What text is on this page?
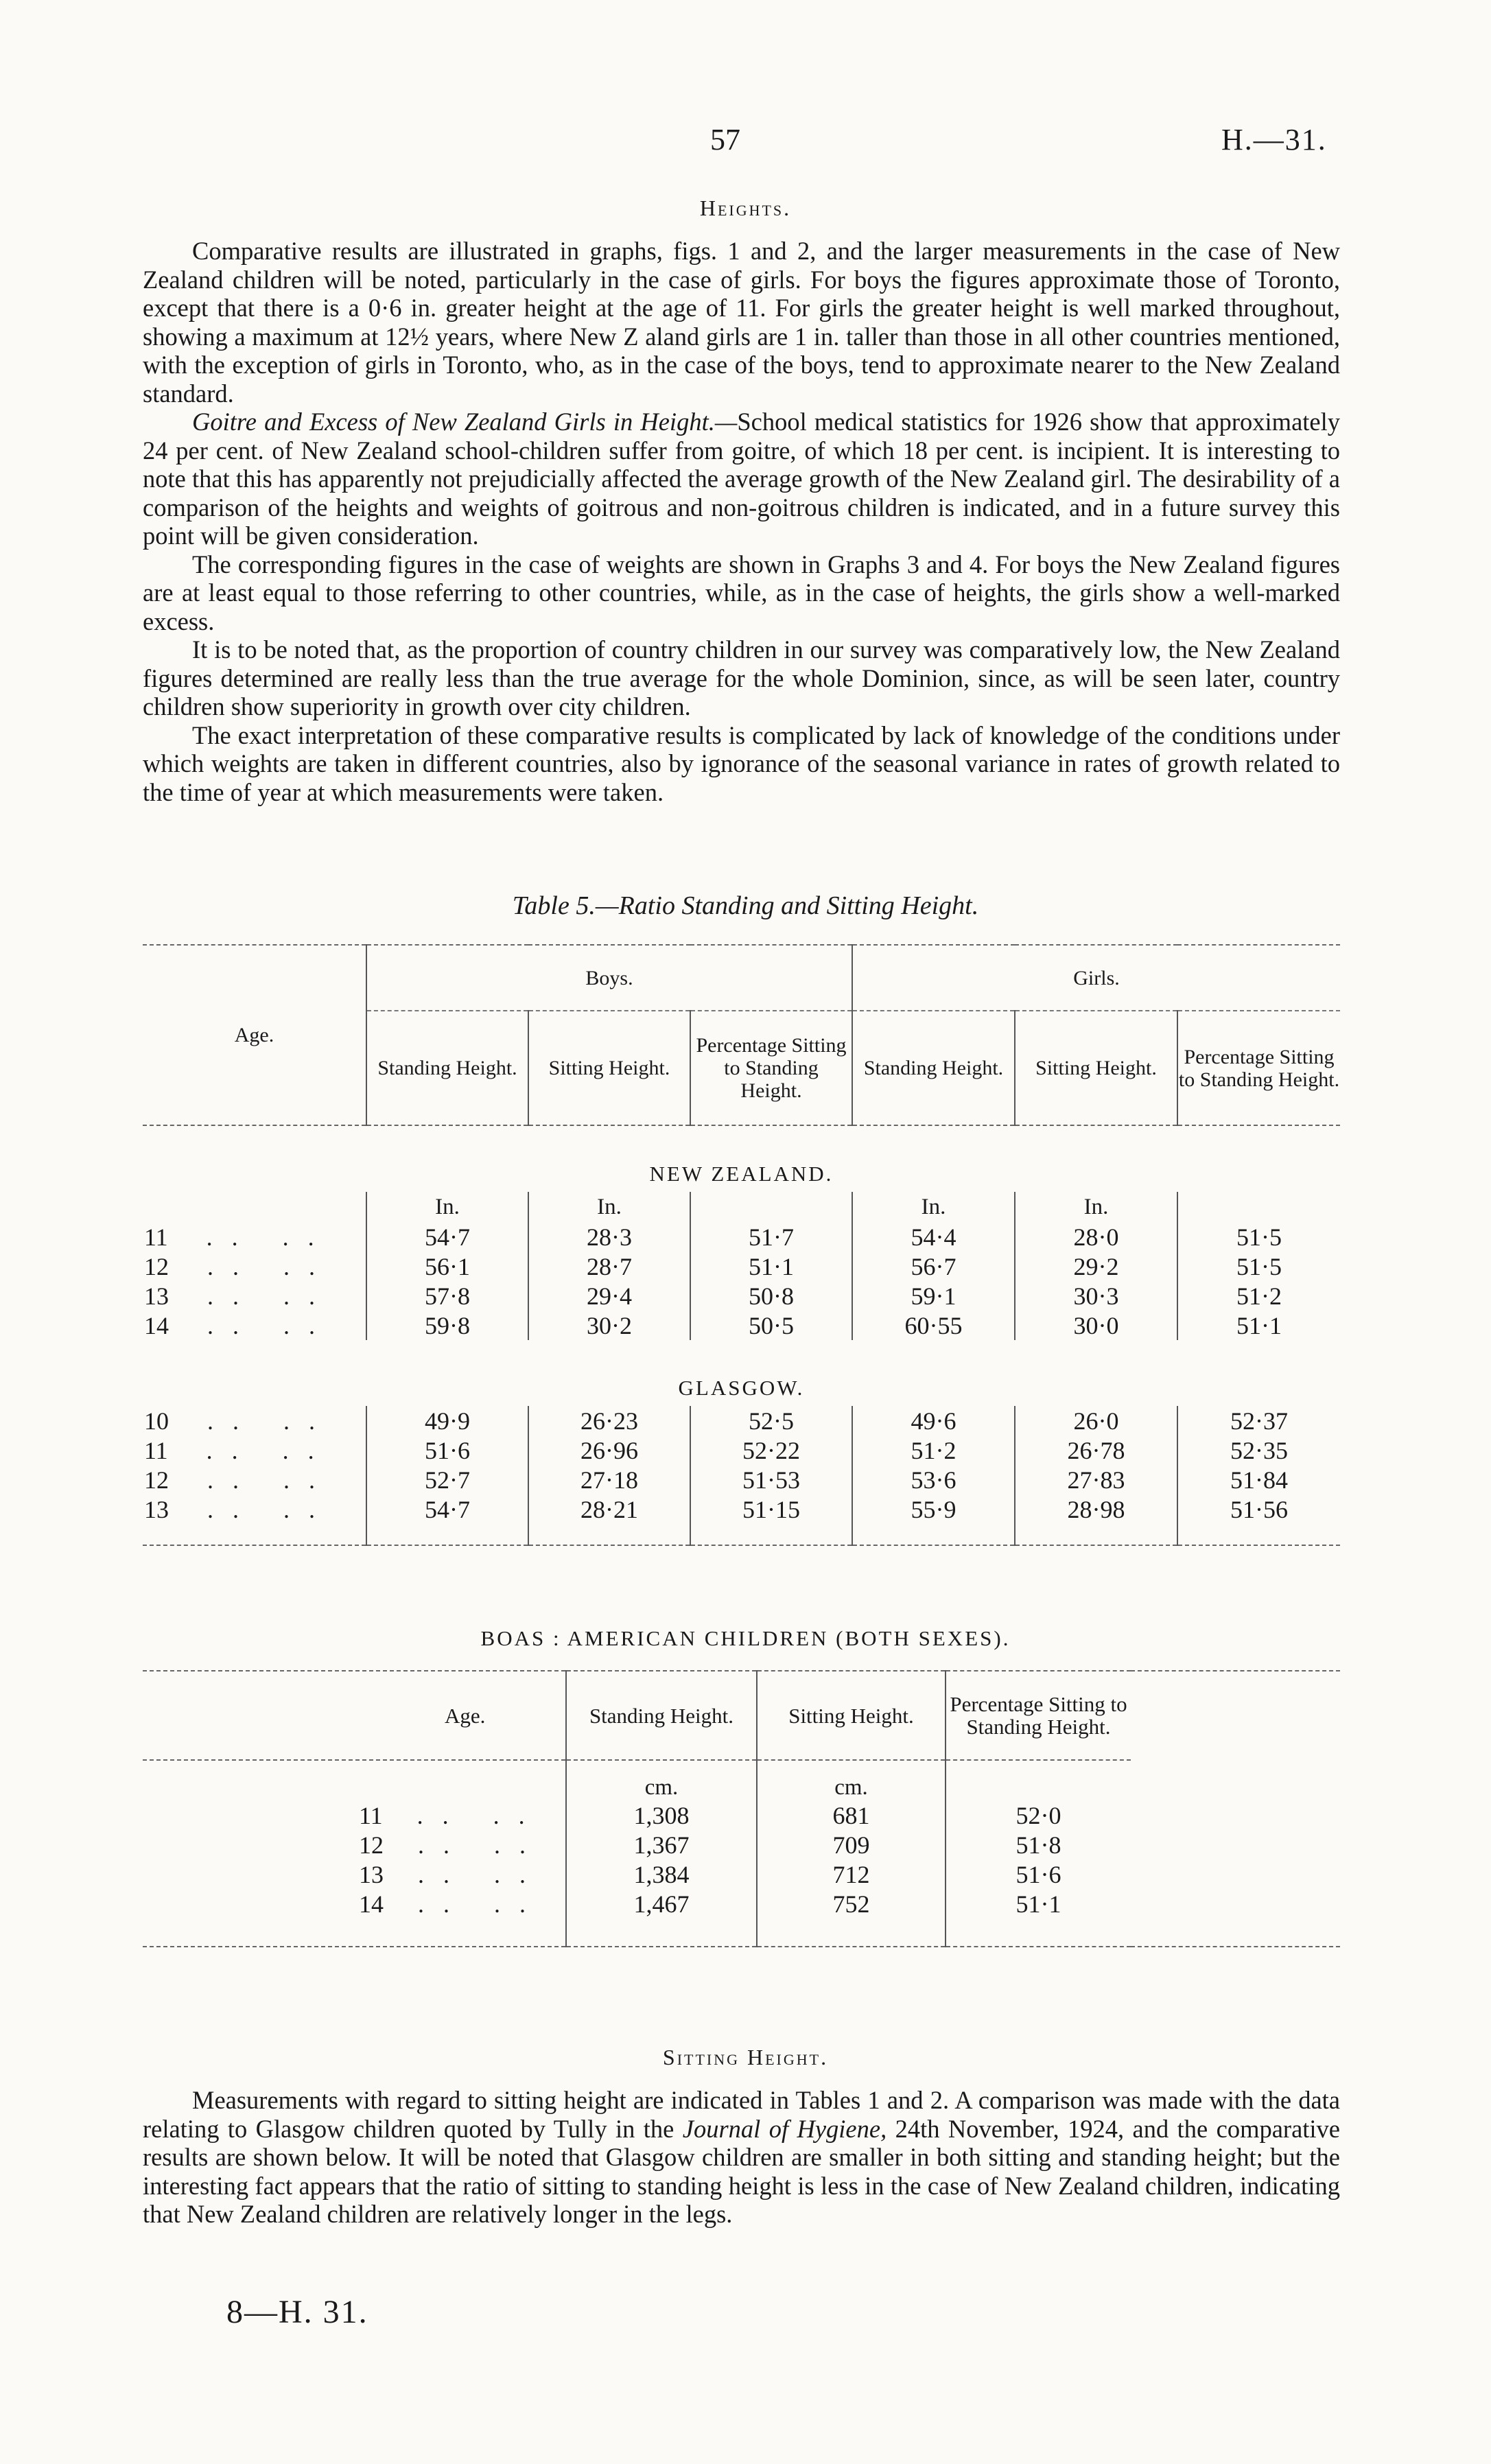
57	H.—31.
Heights.

Comparative results are illustrated in graphs, figs. 1 and 2, and the larger measurements in the case of New Zealand children will be noted, particularly in the case of girls. For boys the figures approximate those of Toronto, except that there is a 0·6 in. greater height at the age of 11. For girls the greater height is well marked throughout, showing a maximum at 12½ years, where New Z aland girls are 1 in. taller than those in all other countries mentioned, with the exception of girls in Toronto, who, as in the case of the boys, tend to approximate nearer to the New Zealand standard.

Goitre and Excess of New Zealand Girls in Height.—School medical statistics for 1926 show that approximately 24 per cent. of New Zealand school-children suffer from goitre, of which 18 per cent. is incipient. It is interesting to note that this has apparently not prejudicially affected the average growth of the New Zealand girl. The desirability of a comparison of the heights and weights of goitrous and non-goitrous children is indicated, and in a future survey this point will be given consideration.

The corresponding figures in the case of weights are shown in Graphs 3 and 4. For boys the New Zealand figures are at least equal to those referring to other countries, while, as in the case of heights, the girls show a well-marked excess.

It is to be noted that, as the proportion of country children in our survey was comparatively low, the New Zealand figures determined are really less than the true average for the whole Dominion, since, as will be seen later, country children show superiority in growth over city children.

The exact interpretation of these comparative results is complicated by lack of knowledge of the conditions under which weights are taken in different countries, also by ignorance of the seasonal variance in rates of growth related to the time of year at which measurements were taken.

Table 5.—Ratio Standing and Sitting Height.
Age.	Boys.			Girls.		
	Standing Height.	Sitting Height.	Percentage Sitting to Standing Height.	Standing Height.	Sitting Height.	Percentage Sitting to Standing Height.
NEW ZEALAND.						
	In.	In.		In.	In.	
11 .. ..	54·7	28·3	51·7	54·4	28·0	51·5
12 .. ..	56·1	28·7	51·1	56·7	29·2	51·5
13 .. ..	57·8	29·4	50·8	59·1	30·3	51·2
14 .. ..	59·8	30·2	50·5	60·55	30·0	51·1
GLASGOW.						
10 .. ..	49·9	26·23	52·5	49·6	26·0	52·37
11 .. ..	51·6	26·96	52·22	51·2	26·78	52·35
12 .. ..	52·7	27·18	51·53	53·6	27·83	51·84
13 .. ..	54·7	28·21	51·15	55·9	28·98	51·56

BOAS : AMERICAN CHILDREN (BOTH SEXES).
Age.	Standing Height.	Sitting Height.	Percentage Sitting to Standing Height.	
	cm.	cm.		
11 .. ..	1,308	681	52·0	
12 .. ..	1,367	709	51·8	
13 .. ..	1,384	712	51·6	
14 .. ..	1,467	752	51·1	

Sitting Height.

Measurements with regard to sitting height are indicated in Tables 1 and 2. A comparison was made with the data relating to Glasgow children quoted by Tully in the Journal of Hygiene, 24th November, 1924, and the comparative results are shown below. It will be noted that Glasgow children are smaller in both sitting and standing height; but the interesting fact appears that the ratio of sitting to standing height is less in the case of New Zealand children, indicating that New Zealand children are relatively longer in the legs.

8—H. 31.
